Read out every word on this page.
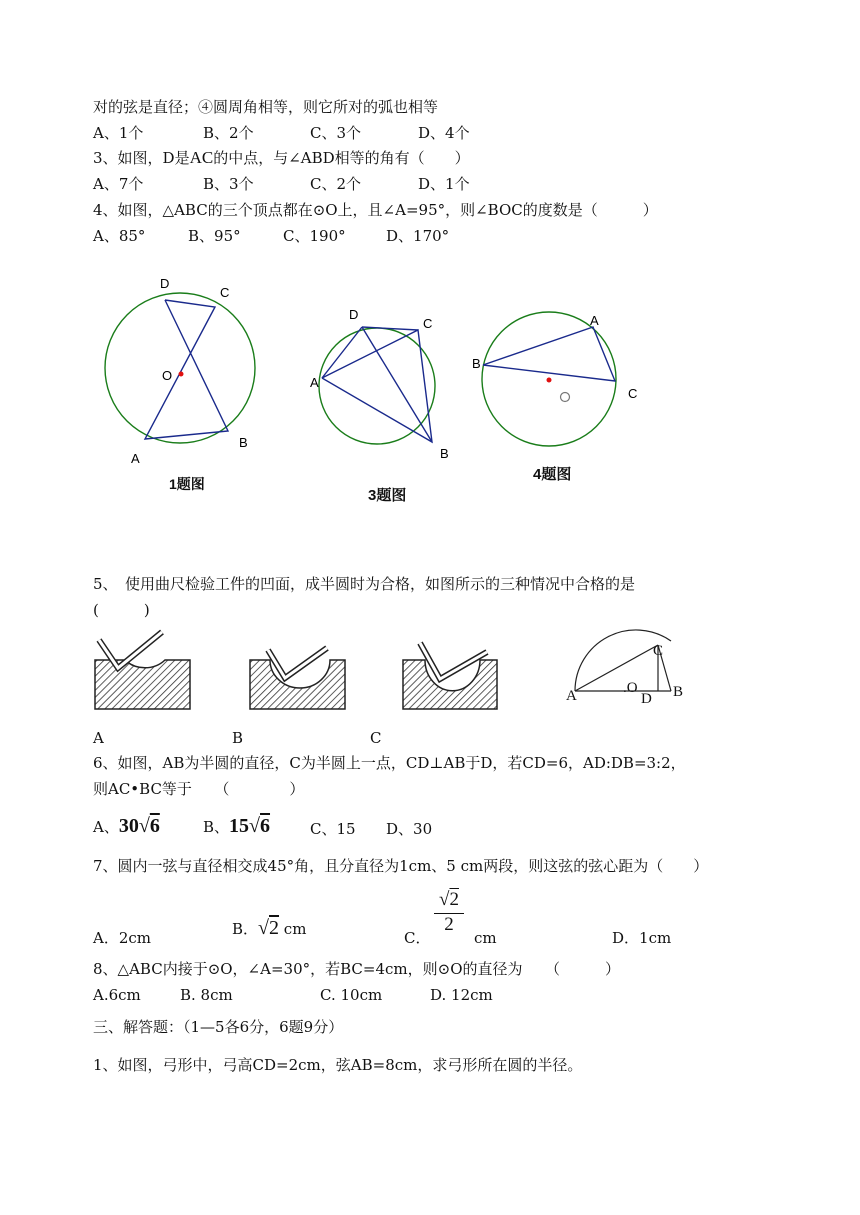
对的弦是直径；④圆周角相等，则它所对的弧也相等
A、1个	B、2个	C、3个	D、4个
3、如图，D是AC的中点，与∠ABD相等的角有（　　）
A、7个	B、3个	C、2个	D、1个
4、如图，△ABC的三个顶点都在⊙O上，且∠A=95°，则∠BOC的度数是（　　　）
A、85°	B、95°	C、190°	D、170°
D
C
O
A
B
D
C
A
B
A
B
C
1题图
3题图
4题图
5、　使用曲尺检验工件的凹面，成半圆时为合格，如图所示的三种情况中合格的是
(　　　)
A
C
.O
D B
A	B	C
6、如图，AB为半圆的直径，C为半圆上一点，CD⊥AB于D，若CD=6，AD:DB=3:2，
则AC•BC等于　　（　　　　）
A、30√6	B、15√6	C、15 D、30
7、圆内一弦与直径相交成45°角，且分直径为1cm、5 cm两段，则这弦的弦心距为（　　）
A．2cm	B．√2 cm	C．
$\frac{√2}{2}$
cm	D．1cm
8、△ABC内接于⊙O，∠A=30°，若BC=4cm，则⊙O的直径为　　（　　　）
A.6cm	B. 8cm	C. 10cm	D. 12cm
三、解答题：（1—5各6分，6题9分）
1、如图，弓形中，弓高CD=2cm，弦AB=8cm，求弓形所在圆的半径。
